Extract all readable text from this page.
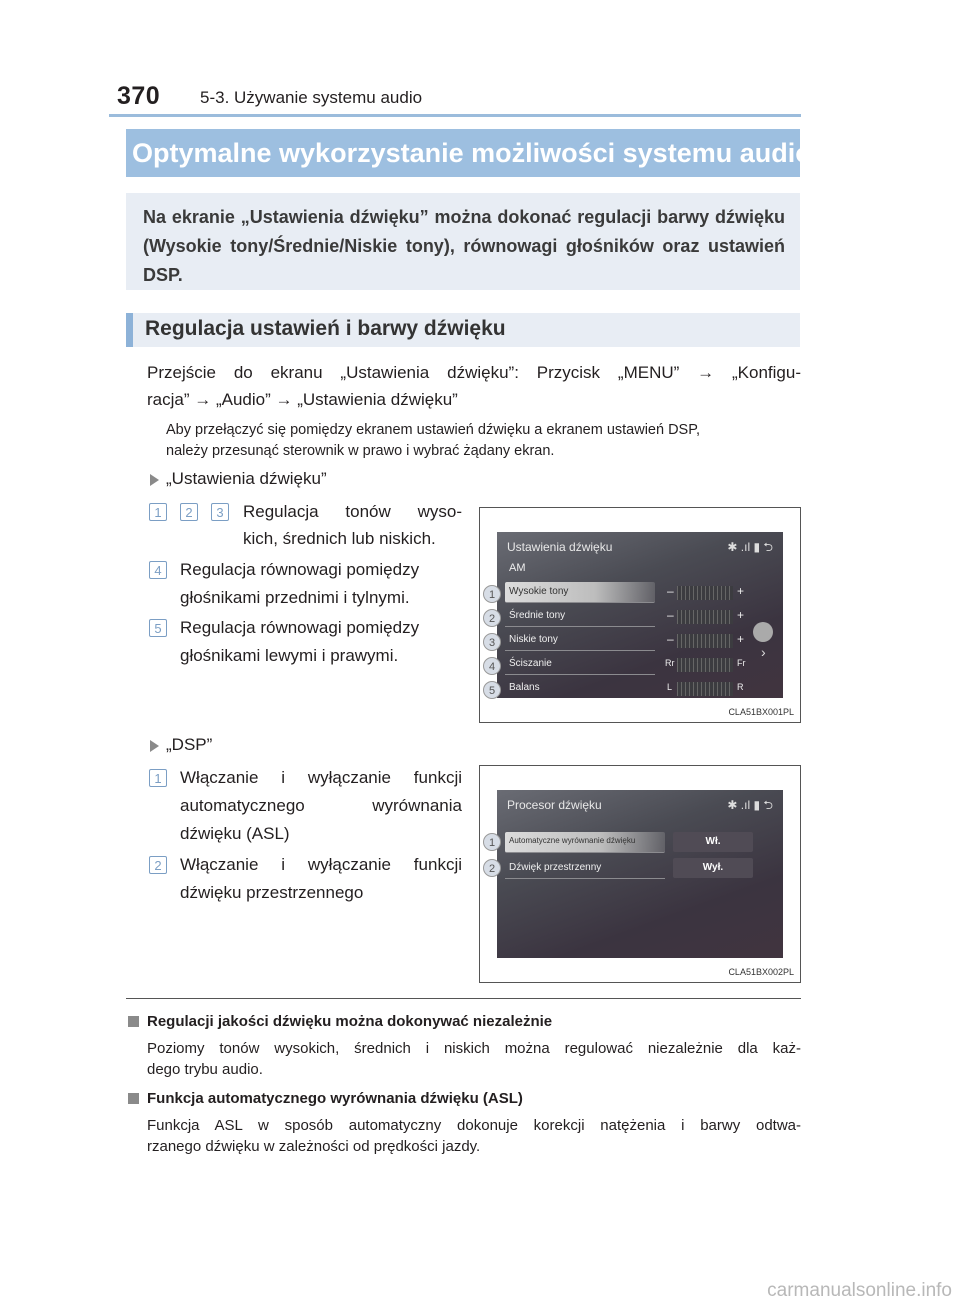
370 5-3. Używanie systemu audio
Optymalne wykorzystanie możliwości systemu audio

Na ekranie „Ustawienia dźwięku” można dokonać regulacji barwy dźwięku (Wysokie tony/Średnie/Niskie tony), równowagi głośników oraz ustawień DSP.

Regulacja ustawień i barwy dźwięku
Przejście do ekranu „Ustawienia dźwięku”: Przycisk „MENU” → „Konfigu-
racja” → „Audio” → „Ustawienia dźwięku”
Aby przełączyć się pomiędzy ekranem ustawień dźwięku a ekranem ustawień DSP,
należy przesunąć sterownik w prawo i wybrać żądany ekran.
„Ustawienia dźwięku”
1	2	3	Regulacja tonów wyso-
kich, średnich lub niskich.
4	Regulacja równowagi pomiędzy
głośnikami przednimi i tylnymi.
5	Regulacja równowagi pomiędzy
głośnikami lewymi i prawymi.
Ustawienia dźwięku	✱ .ıl ▮ ⮌
AM
Wysokie tony
Średnie tony
Niskie tony
Ściszanie
Balans
–	+
–	+
–	+
Rr	Fr
L	R
›
1
2
3
4
5
CLA51BX001PL
„DSP”
1	Włączanie i wyłączanie funkcji
automatycznego wyrównania
dźwięku (ASL)
2	Włączanie i wyłączanie funkcji
dźwięku przestrzennego
Procesor dźwięku	✱ .ıl ▮ ⮌
Automatyczne wyrównanie dźwięku
Dźwięk przestrzenny
Wł.
Wył.
1
2
CLA51BX002PL
Regulacji jakości dźwięku można dokonywać niezależnie
Poziomy tonów wysokich, średnich i niskich można regulować niezależnie dla każ-
dego trybu audio.
Funkcja automatycznego wyrównania dźwięku (ASL)
Funkcja ASL w sposób automatyczny dokonuje korekcji natężenia i barwy odtwa-
rzanego dźwięku w zależności od prędkości jazdy.
carmanualsonline.info
